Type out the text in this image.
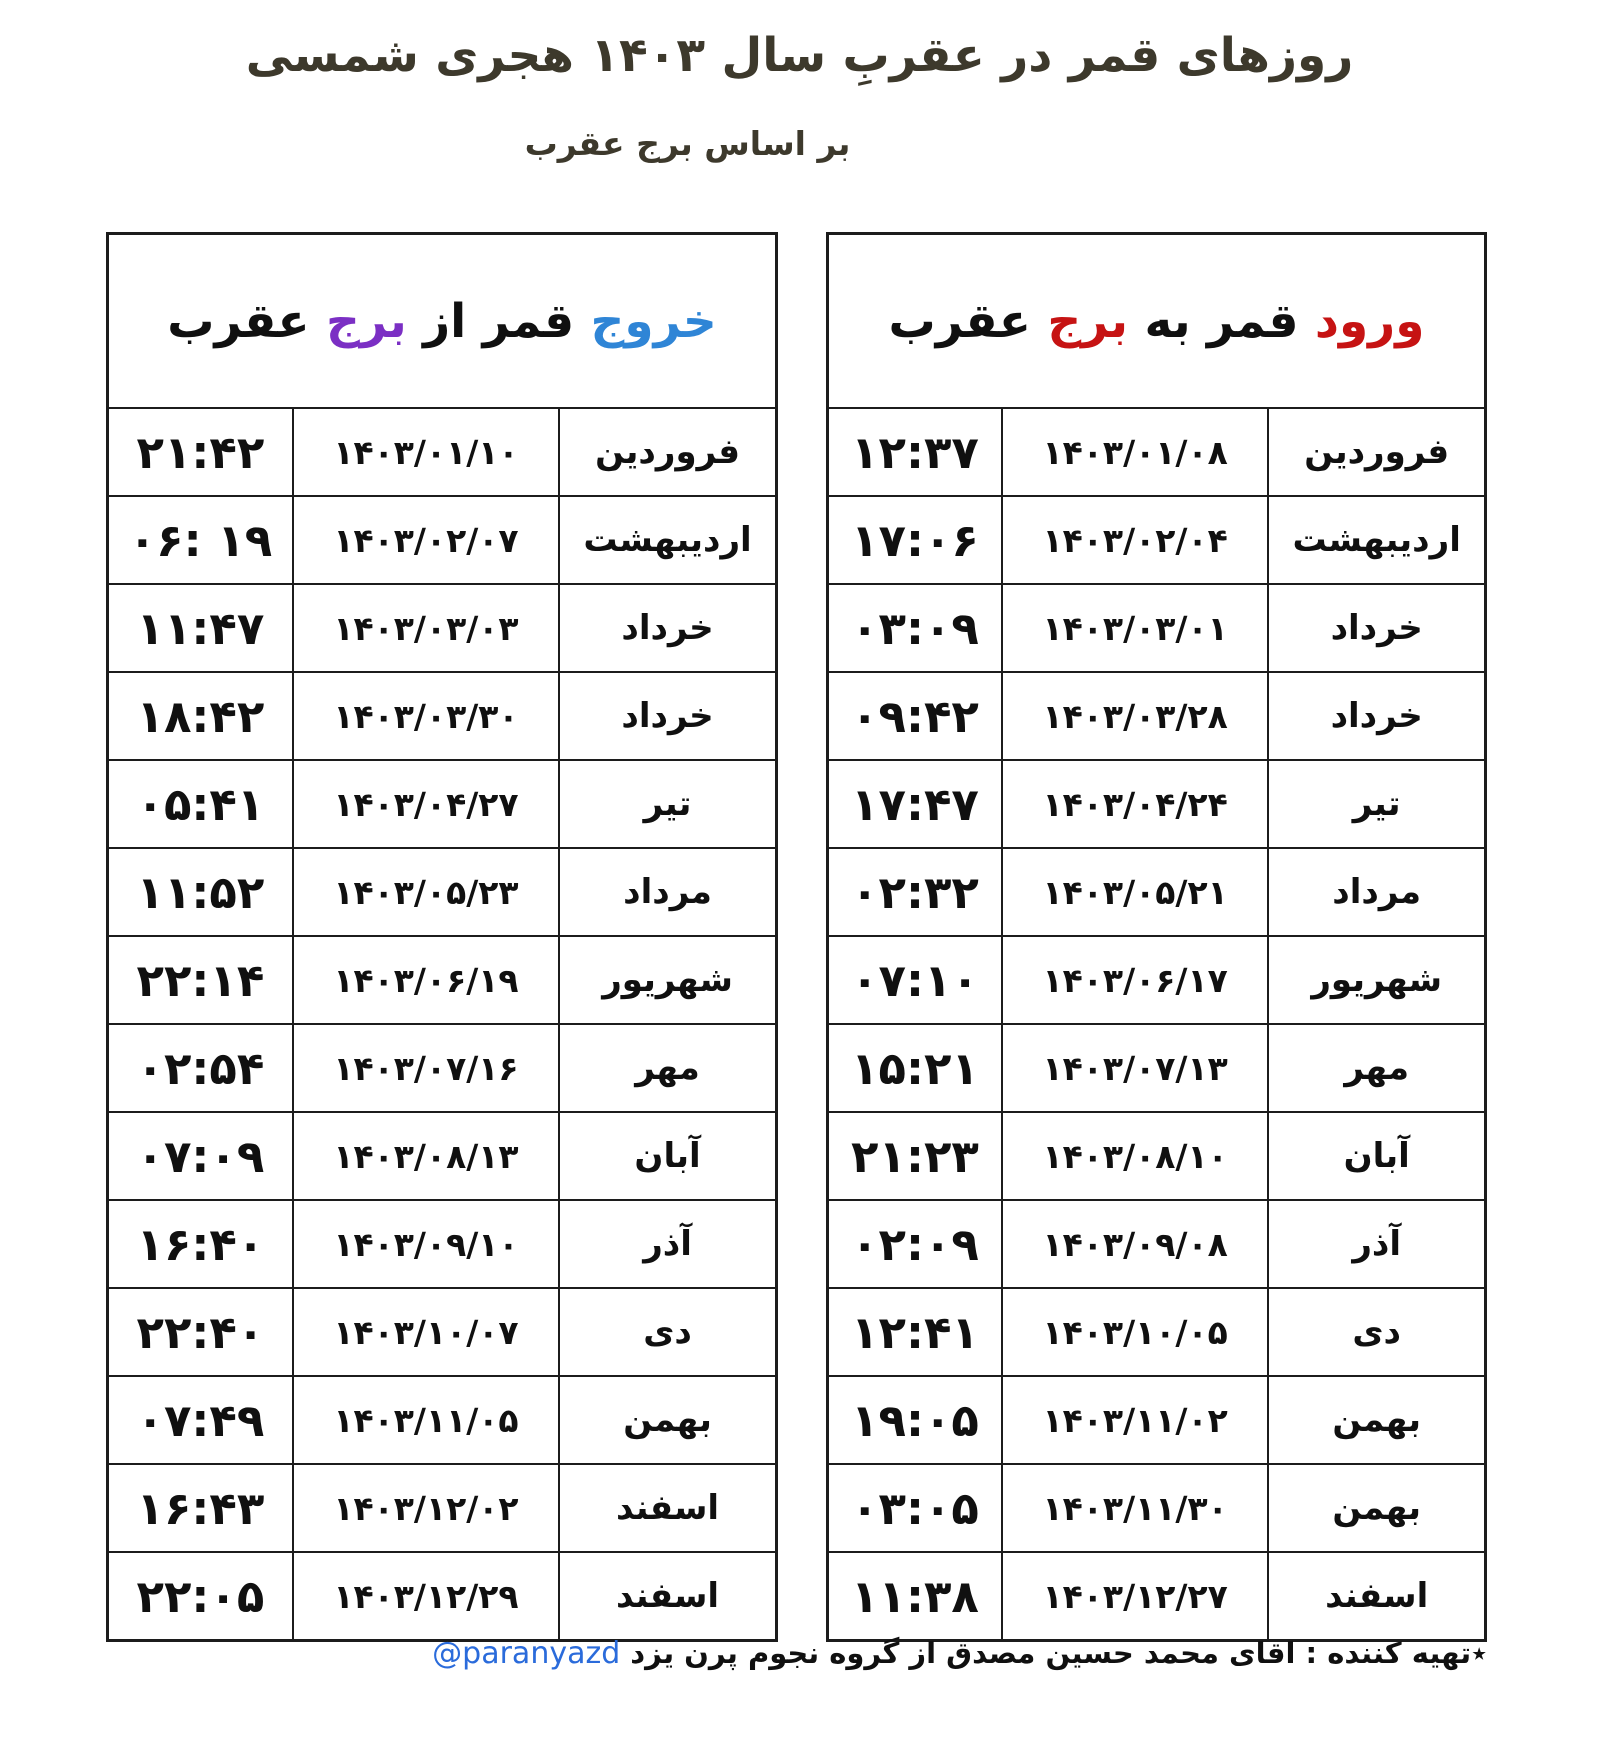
روزهای قمر در عقربِ سال ۱۴۰۳ هجری شمسی
بر اساس برج عقرب
خروج قمر از برج عقرب		
فروردین	۱۴۰۳/۰۱/۱۰	۲۱:۴۲
اردیبهشت	۱۴۰۳/۰۲/۰۷	۰۶: ۱۹
خرداد	۱۴۰۳/۰۳/۰۳	۱۱:۴۷
خرداد	۱۴۰۳/۰۳/۳۰	۱۸:۴۲
تیر	۱۴۰۳/۰۴/۲۷	۰۵:۴۱
مرداد	۱۴۰۳/۰۵/۲۳	۱۱:۵۲
شهریور	۱۴۰۳/۰۶/۱۹	۲۲:۱۴
مهر	۱۴۰۳/۰۷/۱۶	۰۲:۵۴
آبان	۱۴۰۳/۰۸/۱۳	۰۷:۰۹
آذر	۱۴۰۳/۰۹/۱۰	۱۶:۴۰
دی	۱۴۰۳/۱۰/۰۷	۲۲:۴۰
بهمن	۱۴۰۳/۱۱/۰۵	۰۷:۴۹
اسفند	۱۴۰۳/۱۲/۰۲	۱۶:۴۳
اسفند	۱۴۰۳/۱۲/۲۹	۲۲:۰۵
ورود قمر به برج عقرب		
فروردین	۱۴۰۳/۰۱/۰۸	۱۲:۳۷
اردیبهشت	۱۴۰۳/۰۲/۰۴	۱۷:۰۶
خرداد	۱۴۰۳/۰۳/۰۱	۰۳:۰۹
خرداد	۱۴۰۳/۰۳/۲۸	۰۹:۴۲
تیر	۱۴۰۳/۰۴/۲۴	۱۷:۴۷
مرداد	۱۴۰۳/۰۵/۲۱	۰۲:۳۲
شهریور	۱۴۰۳/۰۶/۱۷	۰۷:۱۰
مهر	۱۴۰۳/۰۷/۱۳	۱۵:۲۱
آبان	۱۴۰۳/۰۸/۱۰	۲۱:۲۳
آذر	۱۴۰۳/۰۹/۰۸	۰۲:۰۹
دی	۱۴۰۳/۱۰/۰۵	۱۲:۴۱
بهمن	۱۴۰۳/۱۱/۰۲	۱۹:۰۵
بهمن	۱۴۰۳/۱۱/۳۰	۰۳:۰۵
اسفند	۱۴۰۳/۱۲/۲۷	۱۱:۳۸
٭تهیه کننده : اقای محمد حسین مصدق از گروه نجوم پرن یزد@paranyazd
